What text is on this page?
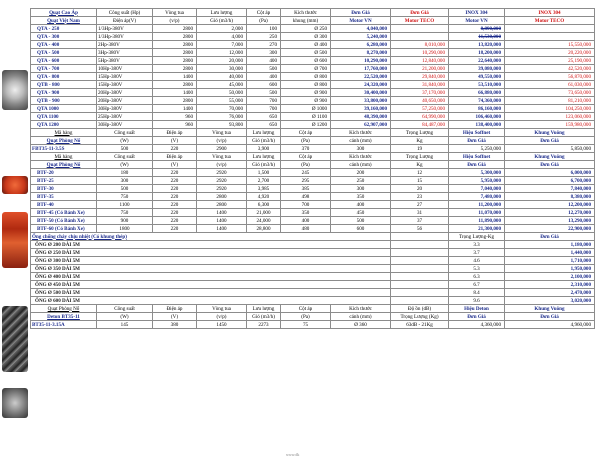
Quạt Cao Áp	Công suất (Hp)	Vòng tua	Lưu lượng	Cột áp	Kích thước	Đơn Giá	Đơn Giá	INOX 304	INOX 304
Quạt Việt Nam	Điện áp(V)	(v/p)	Gió (m3/h)	(Pa)	khung (mm)	Motor VN	Motor TECO	Motor VN	Motor TECO
QTA - 250	1/3Hp-380V	2800	2,000	100	Ø 250	4,040,000		8,890,000	
QTA - 300	1/3Hp-380V	2800	4,000	250	Ø 300	5,240,000		11,530,000	
QTA - 400	2Hp-380V	2800	7,000	270	Ø 400	6,280,000	8,010,000	13,820,000	15,550,000
QTA - 500	3Hp-380V	2800	12,000	300	Ø 500	8,270,000	10,290,000	18,200,000	20,220,000
QTA - 600	5Hp-380V	2800	20,000	400	Ø 600	10,290,000	12,840,000	22,640,000	25,190,000
QTA - 700	10Hp-380V	2800	30,000	500	Ø 700	17,760,000	21,200,000	39,080,000	42,520,000
QTA - 800	15Hp-380V	1400	40,000	400	Ø 800	22,520,000	29,840,000	49,550,000	56,870,000
QTB - 800	15Hp-380V	2800	45,000	600	Ø 800	24,320,000	31,840,000	53,510,000	61,030,000
QTA - 900	20Hp-380V	1400	50,000	500	Ø 900	30,400,000	37,170,000	66,880,000	73,650,000
QTB - 900	20Hp-380V	2800	55,000	700	Ø 900	33,800,000	40,650,000	74,360,000	81,210,000
QTA 1000	30Hp-380V	1400	70,000	700	Ø 1000	39,160,000	57,250,000	86,160,000	104,250,000
QTA 1100	25Hp-380V	960	76,000	650	Ø 1100	48,390,000	64,990,000	106,460,000	123,060,000
QTA 1200	30Hp-380V	960	93,800	650	Ø 1200	62,907,000	84,487,000	138,400,000	159,980,000
Mã hàng	Công suất	Điện áp	Vòng tua	Lưu lượng	Cột áp	Kích thước	Trọng Lượng	Hiệu Soffnet	Khung Vuông
Quạt Phòng Nổ	(W)	(V)	(v/p)	Gió (m3/h)	(Pa)	cánh (mm)	Kg	Đơn Giá	Đơn Giá
FBT35-11-3.5S	500	220	2900	3,900	370	300	19	5,250,000	5,850,000
Mã hàng	Công suất	Điện áp	Vòng tua	Lưu lượng	Cột áp	Kích thước	Trọng Lượng	Hiệu Soffnet	Khung Vuông
Quạt Phòng Nổ	(W)	(V)	(v/p)	Gió (m3/h)	(Pa)	cánh (mm)	Kg	Đơn Giá	Đơn Giá
BTF-20	180	220	2920	1,500	245	200	12	5,300,000	6,000,000
BTF-25	300	220	2920	2,700	295	250	15	5,950,000	6,700,000
BTF-30	500	220	2920	3,985	385	300	20	7,040,000	7,840,000
BTF-35	750	220	2800	4,920	498	350	23	7,480,000	8,380,000
BTF-40	1100	220	2800	6,300	700	400	27	11,200,000	12,200,000
BTF-45 (Có Bánh Xe)	750	220	1400	21,000	350	450	31	11,070,000	12,270,000
BTF-50 (Có Bánh Xe)	900	220	1400	24,000	400	500	37	11,890,000	13,290,000
BTF-60 (Có Bánh Xe)	1800	220	1400	28,800	480	600	56	21,300,000	22,900,000
Ống chống cháy chịu nhiệt (Có khung thép)								Trọng Lượng-Kg	Đơn Giá
ỐNG Ø 200 DÀI 5M								3.3	1,180,000
ỐNG Ø 250 DÀI 5M								3.7	1,440,000
ỐNG Ø 300 DÀI 5M								4.6	1,710,000
ỐNG Ø 350 DÀI 5M								5.3	1,950,000
ỐNG Ø 400 DÀI 5M								6.3	2,100,000
ỐNG Ø 450 DÀI 5M								6.7	2,310,000
ỐNG Ø 500 DÀI 5M								8.4	2,470,000
ỐNG Ø 600 DÀI 5M								9.6	3,020,000
Quạt Phòng Nổ	Công suất	Điện áp	Vòng tua	Lưu lượng	Cột áp	Kích thước	Độ ồn (dB)	Hiệu Deton	Khung Vuông
Deton BT35-11	(W)	(V)	(v/p)	Gió (m3/h)	(Pa)	cánh (mm)	Trọng Lượng (Kg)	Đơn Giá	Đơn Giá
BT35-11-3.15A	145	380	1450	2273	75	Ø 360	63dB - 21Kg	4,360,000	4,960,000
www.dk
